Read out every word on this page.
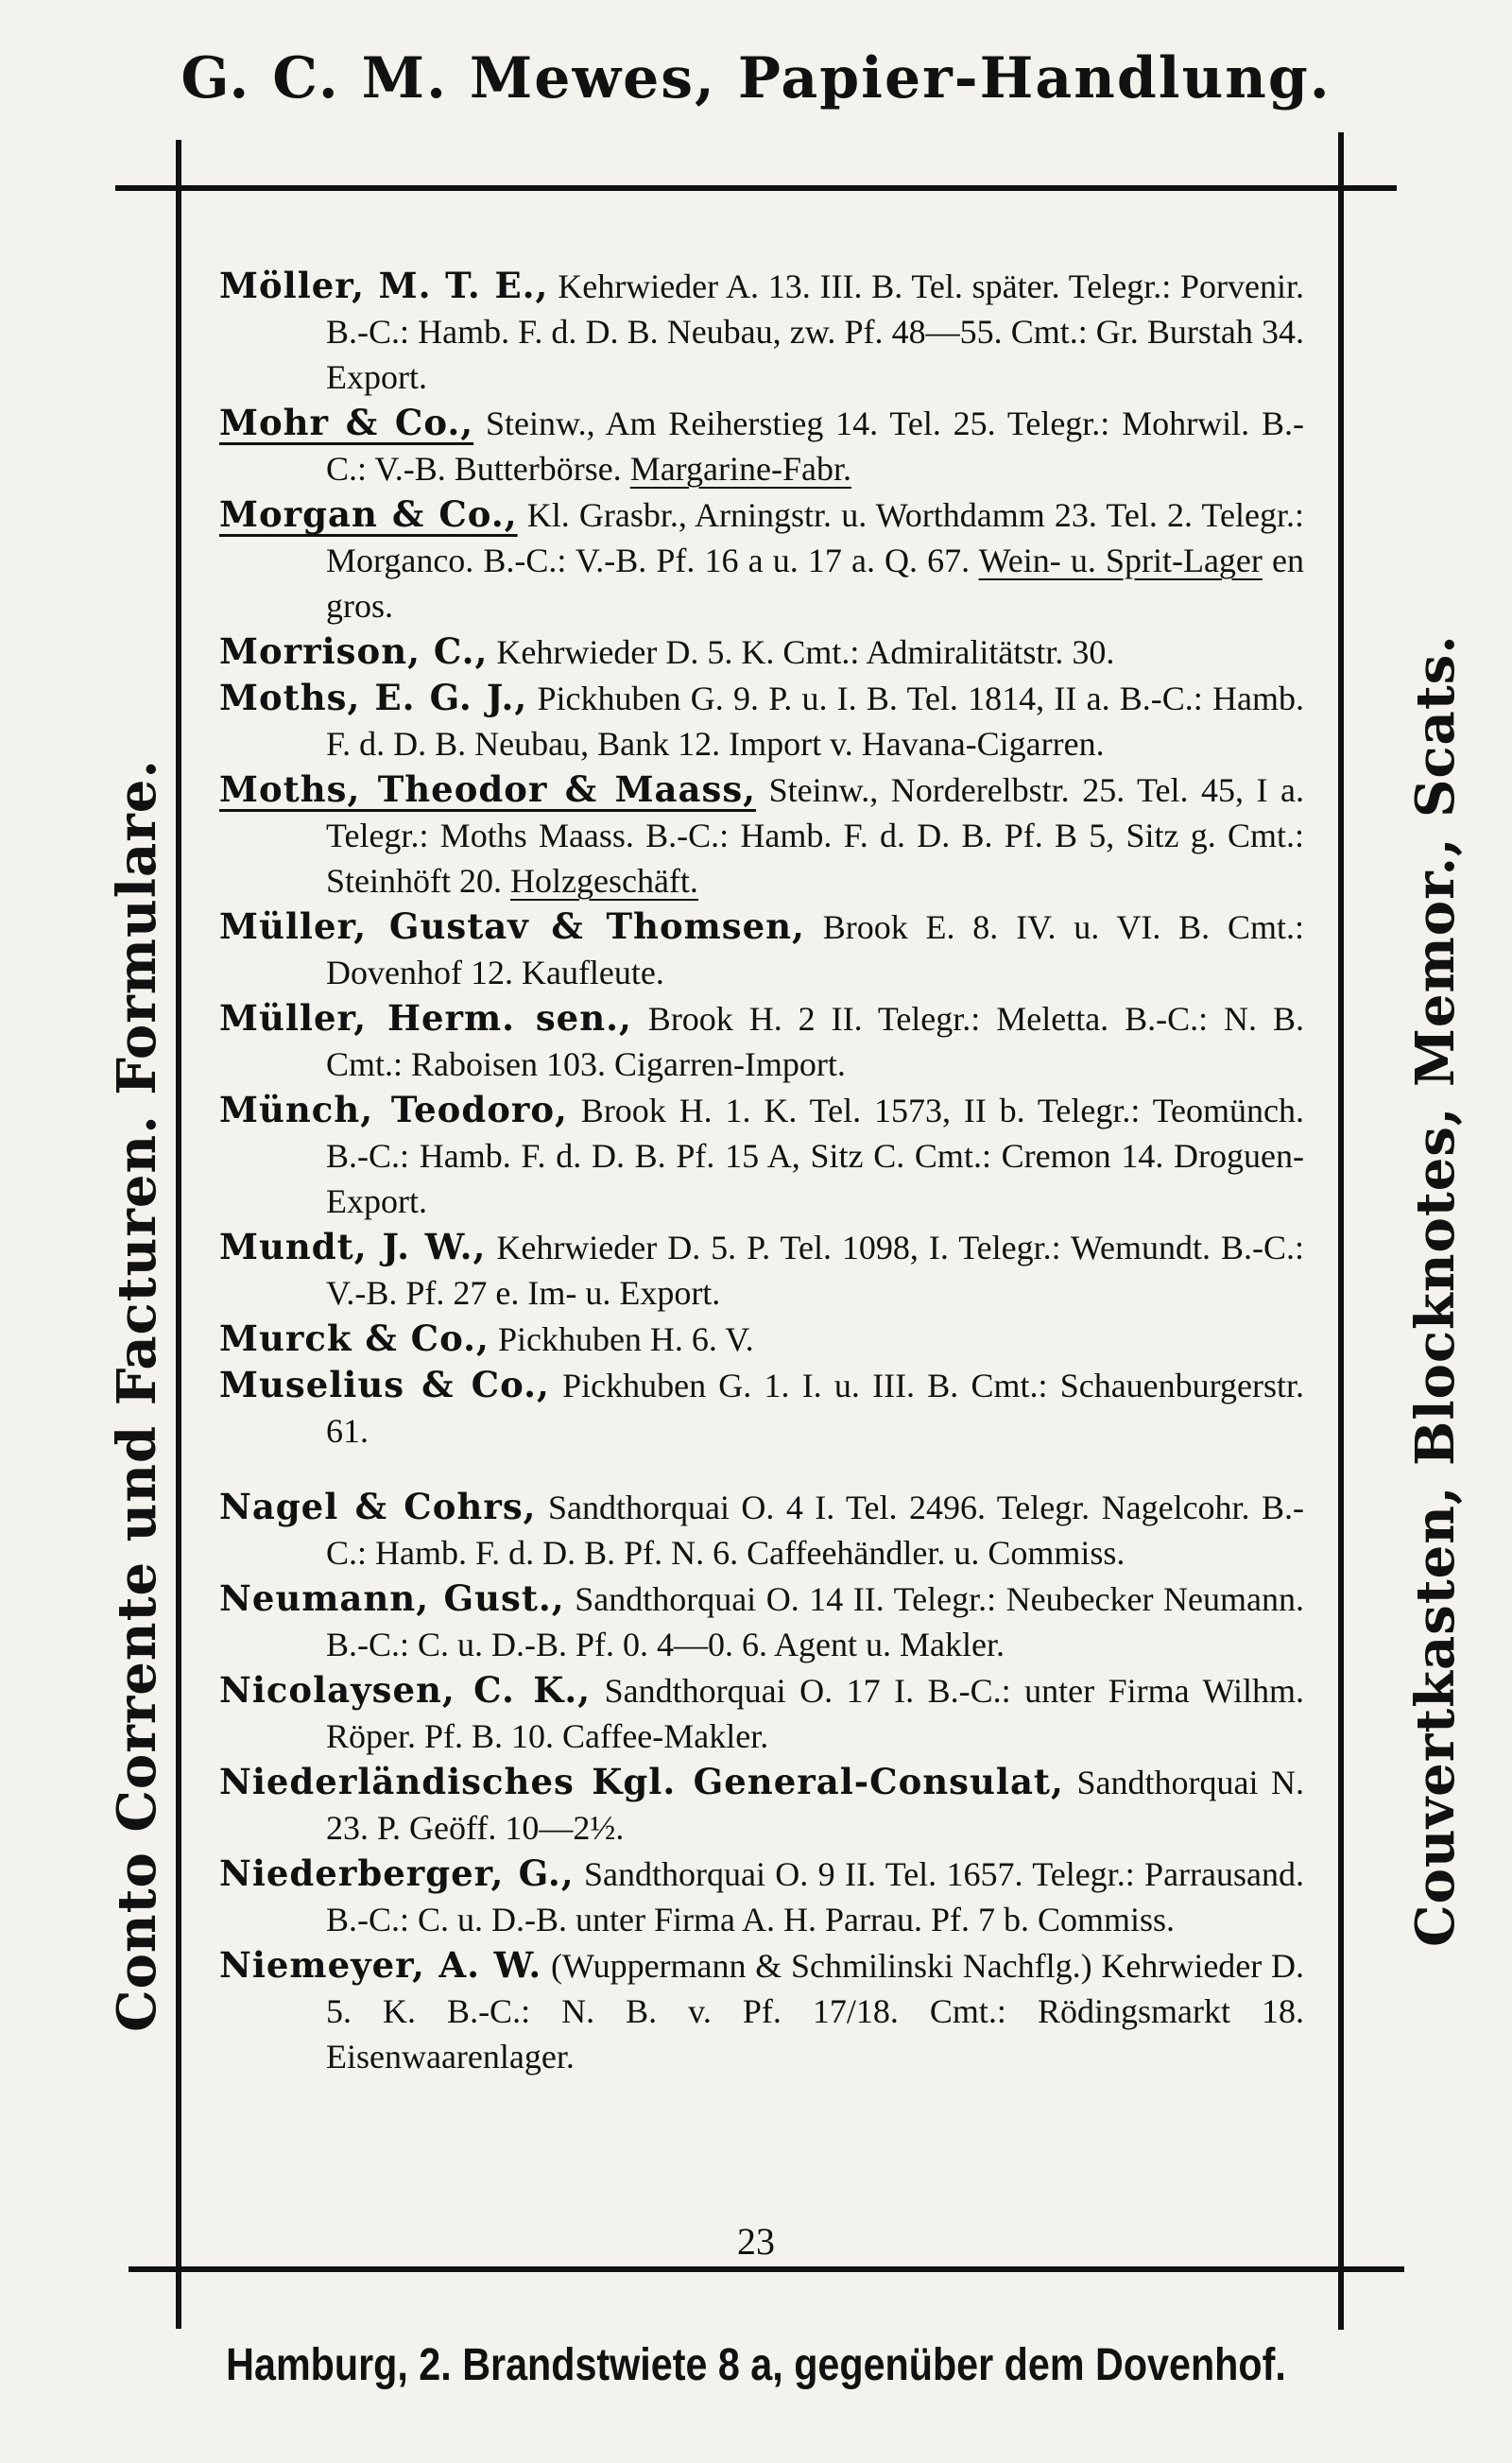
G. C. M. Mewes, Papier-Handlung.
Conto Corrente und Facturen. Formulare.	Couvertkasten, Blocknotes, Memor., Scats.
Möller, M. T. E., Kehrwieder A. 13. III. B. Tel. später. Telegr.: Porvenir. B.-C.: Hamb. F. d. D. B. Neubau, zw. Pf. 48—55. Cmt.: Gr. Burstah 34. Export.
Mohr & Co., Steinw., Am Reiherstieg 14. Tel. 25. Telegr.: Mohrwil. B.-C.: V.-B. Butterbörse. Margarine-Fabr.
Morgan & Co., Kl. Grasbr., Arningstr. u. Worthdamm 23. Tel. 2. Telegr.: Morganco. B.-C.: V.-B. Pf. 16 a u. 17 a. Q. 67. Wein- u. Sprit-Lager en gros.
Morrison, C., Kehrwieder D. 5. K. Cmt.: Admiralitätstr. 30.
Moths, E. G. J., Pickhuben G. 9. P. u. I. B. Tel. 1814, II a. B.-C.: Hamb. F. d. D. B. Neubau, Bank 12. Import v. Havana-Cigarren.
Moths, Theodor & Maass, Steinw., Norderelbstr. 25. Tel. 45, I a. Telegr.: Moths Maass. B.-C.: Hamb. F. d. D. B. Pf. B 5, Sitz g. Cmt.: Steinhöft 20. Holzgeschäft.
Müller, Gustav & Thomsen, Brook E. 8. IV. u. VI. B. Cmt.: Dovenhof 12. Kaufleute.
Müller, Herm. sen., Brook H. 2 II. Telegr.: Meletta. B.-C.: N. B. Cmt.: Raboisen 103. Cigarren-Import.
Münch, Teodoro, Brook H. 1. K. Tel. 1573, II b. Telegr.: Teomünch. B.-C.: Hamb. F. d. D. B. Pf. 15 A, Sitz C. Cmt.: Cremon 14. Droguen-Export.
Mundt, J. W., Kehrwieder D. 5. P. Tel. 1098, I. Telegr.: Wemundt. B.-C.: V.-B. Pf. 27 e. Im- u. Export.
Murck & Co., Pickhuben H. 6. V.
Muselius & Co., Pickhuben G. 1. I. u. III. B. Cmt.: Schauenburgerstr. 61.
Nagel & Cohrs, Sandthorquai O. 4 I. Tel. 2496. Telegr. Nagelcohr. B.-C.: Hamb. F. d. D. B. Pf. N. 6. Caffeehändler. u. Commiss.
Neumann, Gust., Sandthorquai O. 14 II. Telegr.: Neubecker Neumann. B.-C.: C. u. D.-B. Pf. 0. 4—0. 6. Agent u. Makler.
Nicolaysen, C. K., Sandthorquai O. 17 I. B.-C.: unter Firma Wilhm. Röper. Pf. B. 10. Caffee-Makler.
Niederländisches Kgl. General-Consulat, Sandthorquai N. 23. P. Geöff. 10—2½.
Niederberger, G., Sandthorquai O. 9 II. Tel. 1657. Telegr.: Parrausand. B.-C.: C. u. D.-B. unter Firma A. H. Parrau. Pf. 7 b. Commiss.
Niemeyer, A. W. (Wuppermann & Schmilinski Nachflg.) Kehrwieder D. 5. K. B.-C.: N. B. v. Pf. 17/18. Cmt.: Rödingsmarkt 18. Eisenwaarenlager.
23
Hamburg, 2. Brandstwiete 8 a, gegenüber dem Dovenhof.
